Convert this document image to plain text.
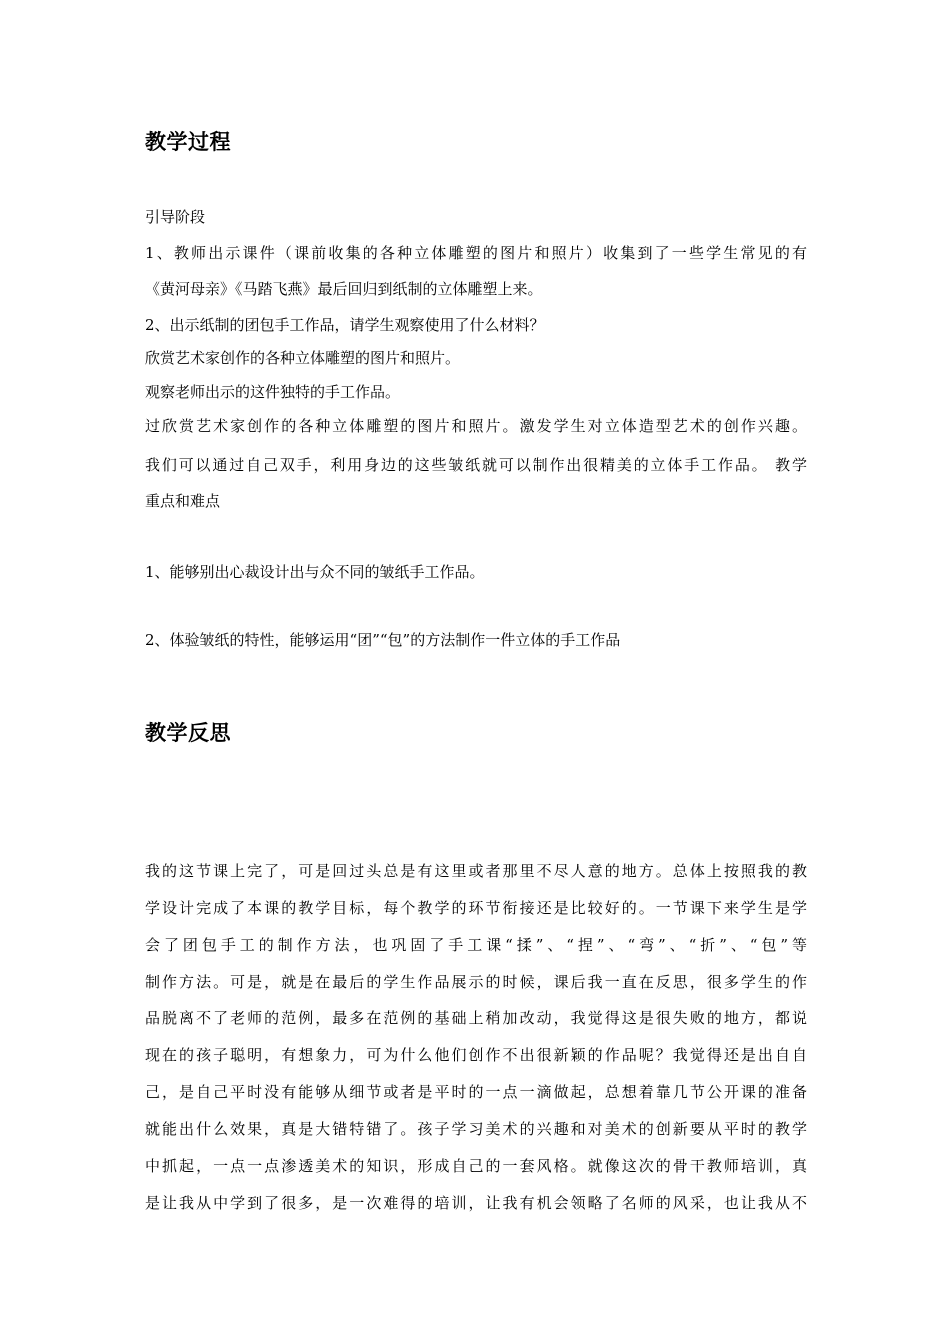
教学过程

引导阶段

1、教师出示课件（课前收集的各种立体雕塑的图片和照片）收集到了一些学生常见的有

《黄河母亲》《马踏飞燕》最后回归到纸制的立体雕塑上来。

2、出示纸制的团包手工作品，请学生观察使用了什么材料？

欣赏艺术家创作的各种立体雕塑的图片和照片。

观察老师出示的这件独特的手工作品。

过欣赏艺术家创作的各种立体雕塑的图片和照片。激发学生对立体造型艺术的创作兴趣。

我们可以通过自己双手，利用身边的这些皱纸就可以制作出很精美的立体手工作品。 教学

重点和难点

1、能够别出心裁设计出与众不同的皱纸手工作品。

2、体验皱纸的特性，能够运用“团”“包”的方法制作一件立体的手工作品

教学反思

我的这节课上完了，可是回过头总是有这里或者那里不尽人意的地方。总体上按照我的教

学设计完成了本课的教学目标，每个教学的环节衔接还是比较好的。一节课下来学生是学

会了团包手工的制作方法，也巩固了手工课“揉”、“捏”、“弯”、“折”、“包”等

制作方法。可是，就是在最后的学生作品展示的时候，课后我一直在反思，很多学生的作

品脱离不了老师的范例，最多在范例的基础上稍加改动，我觉得这是很失败的地方，都说

现在的孩子聪明，有想象力，可为什么他们创作不出很新颖的作品呢？我觉得还是出自自

己，是自己平时没有能够从细节或者是平时的一点一滴做起，总想着靠几节公开课的准备

就能出什么效果，真是大错特错了。孩子学习美术的兴趣和对美术的创新要从平时的教学

中抓起，一点一点渗透美术的知识，形成自己的一套风格。就像这次的骨干教师培训，真

是让我从中学到了很多，是一次难得的培训，让我有机会领略了名师的风采，也让我从不
